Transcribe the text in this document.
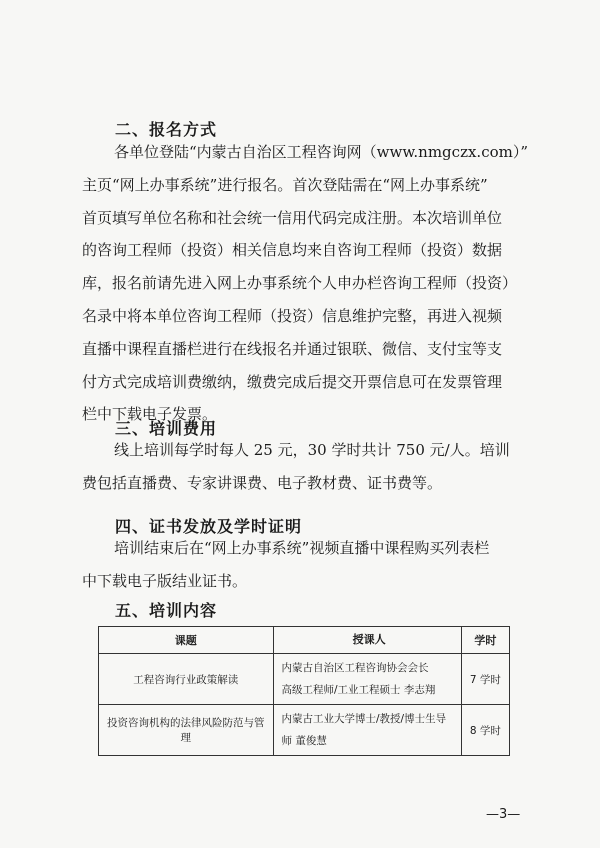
二、报名方式
各单位登陆“内蒙古自治区工程咨询网（www.nmgczx.com）”
主页“网上办事系统”进行报名。首次登陆需在“网上办事系统”
首页填写单位名称和社会统一信用代码完成注册。本次培训单位
的咨询工程师（投资）相关信息均来自咨询工程师（投资）数据
库，报名前请先进入网上办事系统个人申办栏咨询工程师（投资）
名录中将本单位咨询工程师（投资）信息维护完整，再进入视频
直播中课程直播栏进行在线报名并通过银联、微信、支付宝等支
付方式完成培训费缴纳，缴费完成后提交开票信息可在发票管理
栏中下载电子发票。
三、培训费用
线上培训每学时每人 25 元，30 学时共计 750 元/人。培训
费包括直播费、专家讲课费、电子教材费、证书费等。
四、证书发放及学时证明
培训结束后在“网上办事系统”视频直播中课程购买列表栏
中下载电子版结业证书。
五、培训内容
课题	授课人	学时
工程咨询行业政策解读	内蒙古自治区工程咨询协会会长
高级工程师/工业工程硕士 李志翔	7 学时
投资咨询机构的法律风险防范与管理	内蒙古工业大学博士/教授/博士生导
师 董俊慧	8 学时
—3—
